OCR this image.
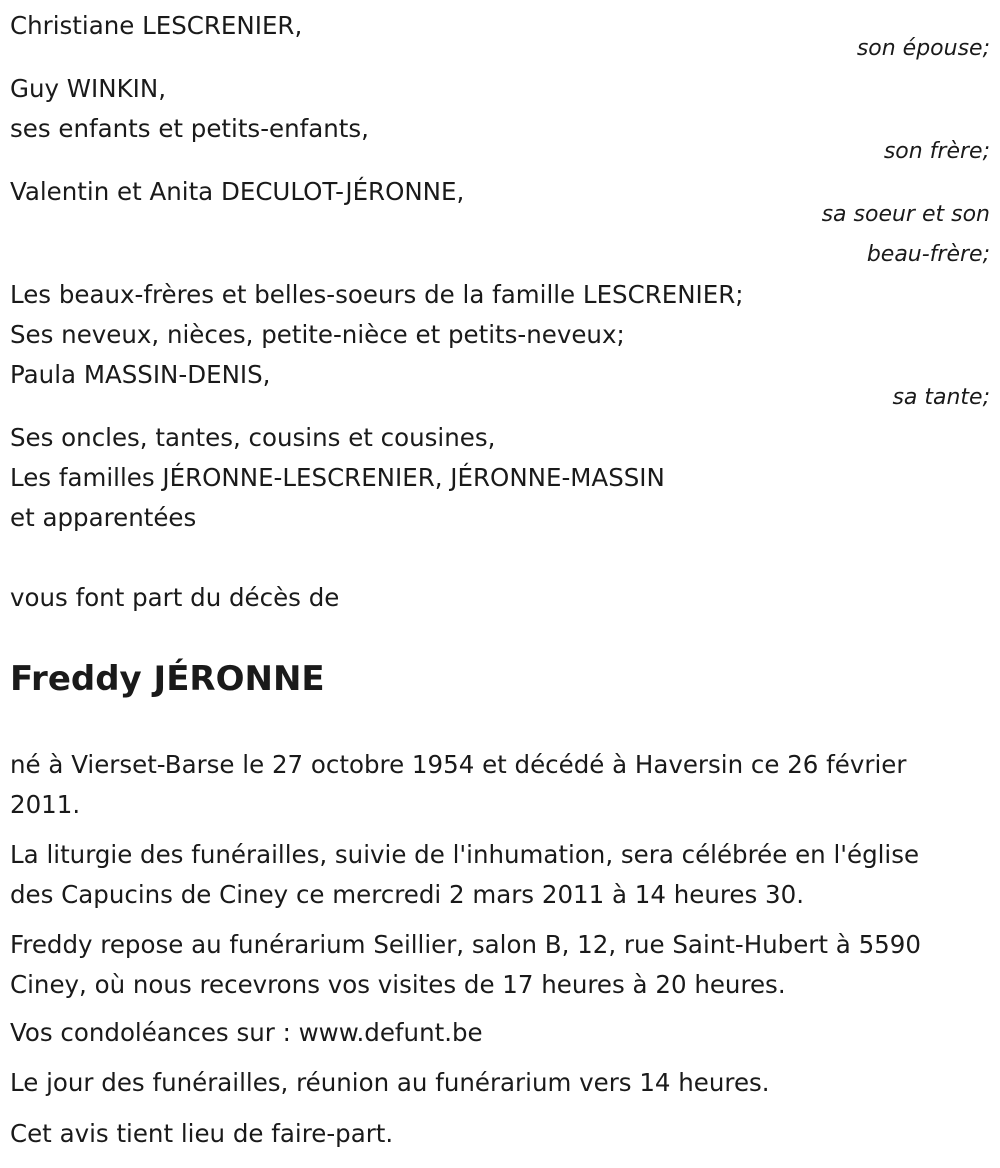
Christiane LESCRENIER,
son épouse;
Guy WINKIN,
ses enfants et petits-enfants,
son frère;
Valentin et Anita DECULOT-JÉRONNE,
sa soeur et son
beau-frère;
Les beaux-frères et belles-soeurs de la famille LESCRENIER;
Ses neveux, nièces, petite-nièce et petits-neveux;
Paula MASSIN-DENIS,
sa tante;
Ses oncles, tantes, cousins et cousines,
Les familles JÉRONNE-LESCRENIER, JÉRONNE-MASSIN
et apparentées
vous font part du décès de
Freddy JÉRONNE
né à Vierset-Barse le 27 octobre 1954 et décédé à Haversin ce 26 février
2011.
La liturgie des funérailles, suivie de l'inhumation, sera célébrée en l'église
des Capucins de Ciney ce mercredi 2 mars 2011 à 14 heures 30.
Freddy repose au funérarium Seillier, salon B, 12, rue Saint-Hubert à 5590
Ciney, où nous recevrons vos visites de 17 heures à 20 heures.
Vos condoléances sur : www.defunt.be
Le jour des funérailles, réunion au funérarium vers 14 heures.
Cet avis tient lieu de faire-part.
